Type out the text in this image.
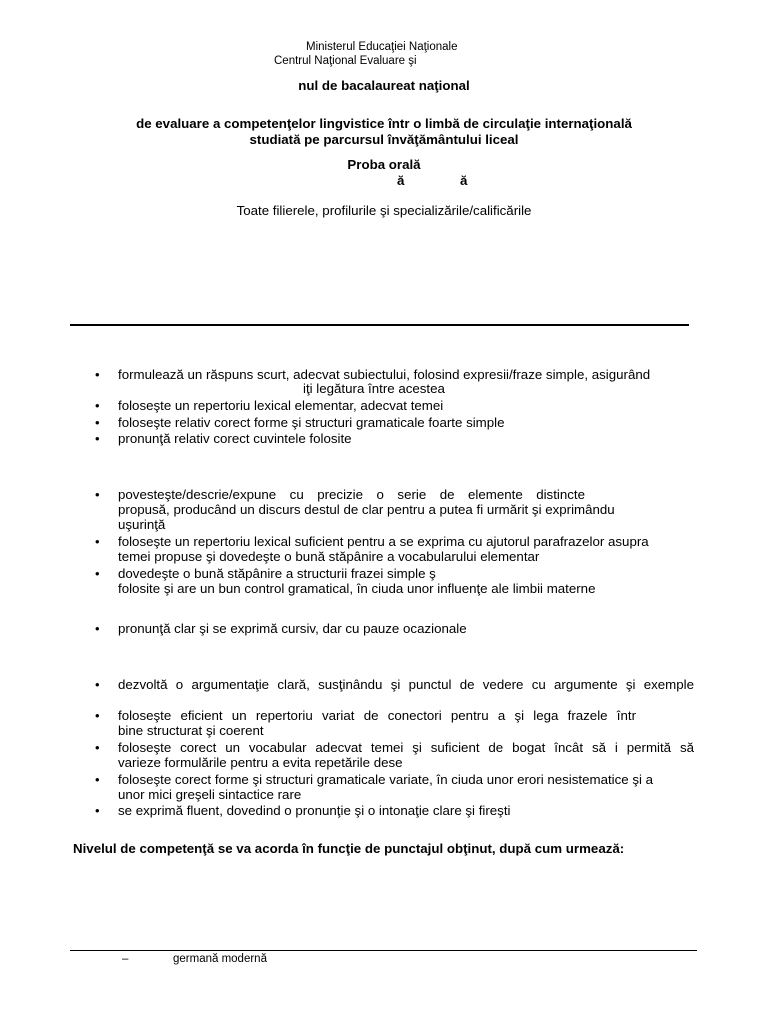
Ministerul Educaţiei Naţionale
Centrul Naţional Evaluare şi
nul de bacalaureat naţional
de evaluare a competenţelor lingvistice într o limbă de circulaţie internaţională
studiată pe parcursul învăţământului liceal
Proba orală
ă	ă
Toate filierele, profilurile şi specializările/calificările
• formulează un răspuns scurt, adecvat subiectului, folosind expresii/fraze simple, asigurând
iţi legătura între acestea
• foloseşte un repertoriu lexical elementar, adecvat temei
• foloseşte relativ corect forme şi structuri gramaticale foarte simple
• pronunţă relativ corect cuvintele folosite
• povesteşte/descrie/expune cu precizie o serie de elemente distincte
propusă, producând un discurs destul de clar pentru a putea fi urmărit şi exprimându
uşurinţă
• foloseşte un repertoriu lexical suficient pentru a se exprima cu ajutorul parafrazelor asupra
temei propuse şi dovedeşte o bună stăpânire a vocabularului elementar
• dovedeşte o bună stăpânire a structurii frazei simple ş
folosite şi are un bun control gramatical, în ciuda unor influenţe ale limbii materne
• pronunţă clar şi se exprimă cursiv, dar cu pauze ocazionale
• dezvoltă o argumentaţie clară, susţinându şi punctul de vedere cu argumente şi exemple
• foloseşte eficient un repertoriu variat de conectori pentru a şi lega frazele într
bine structurat şi coerent
• foloseşte corect un vocabular adecvat temei şi suficient de bogat încât să i permită să
varieze formulările pentru a evita repetările dese
• foloseşte corect forme şi structuri gramaticale variate, în ciuda unor erori nesistematice şi a
unor mici greşeli sintactice rare
• se exprimă fluent, dovedind o pronunţie şi o intonaţie clare şi fireşti
Nivelul de competenţă se va acorda în funcţie de punctajul obţinut, după cum urmează:
–	germană modernă
